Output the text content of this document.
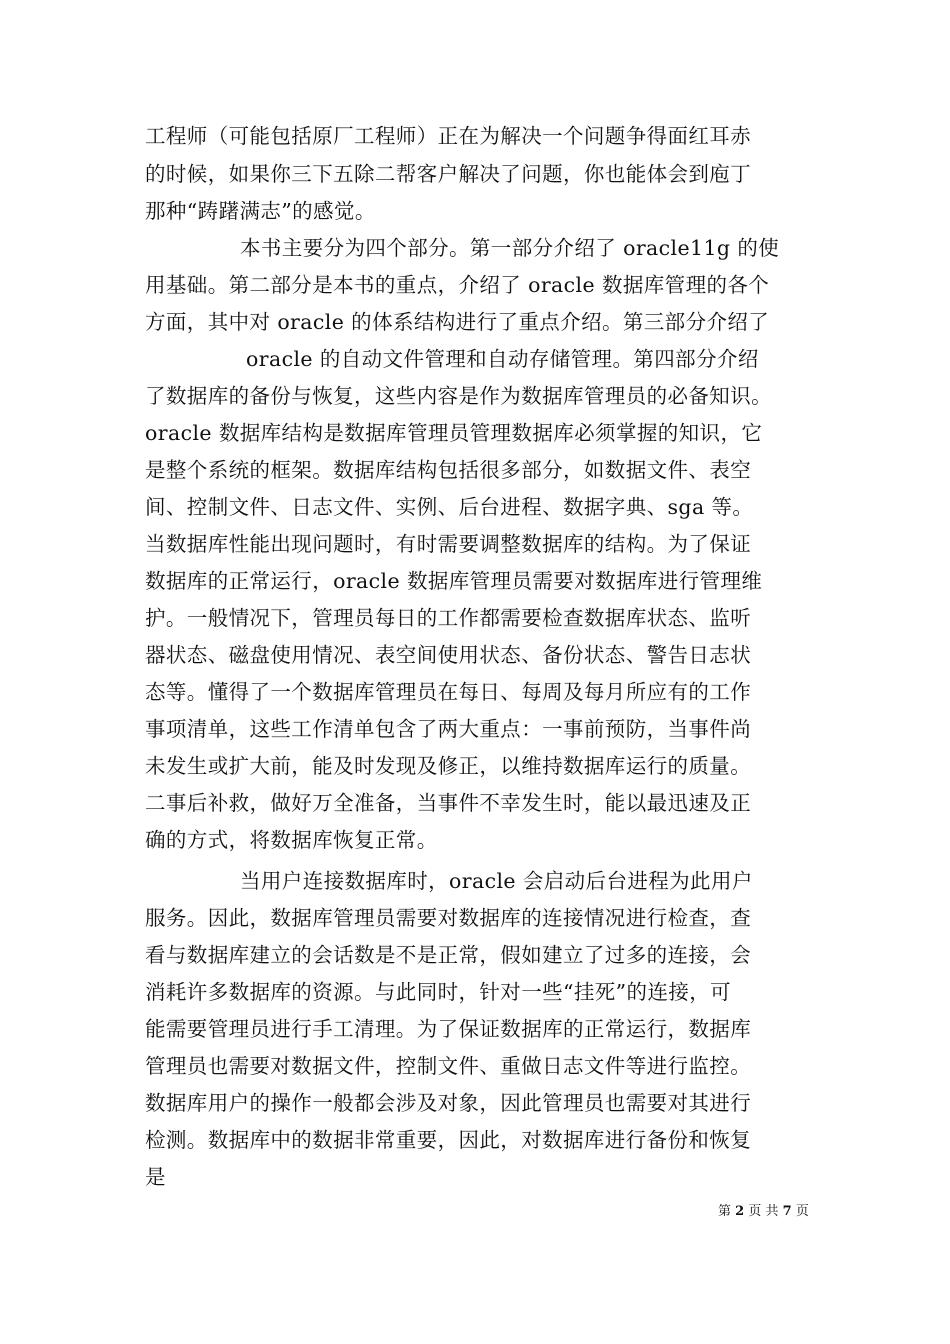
工程师（可能包括原厂工程师）正在为解决一个问题争得面红耳赤
的时候，如果你三下五除二帮客户解决了问题，你也能体会到庖丁
那种“踌躇满志”的感觉。
本书主要分为四个部分。第一部分介绍了 oracle11g 的使
用基础。第二部分是本书的重点，介绍了 oracle 数据库管理的各个
方面，其中对 oracle 的体系结构进行了重点介绍。第三部分介绍了
oracle 的自动文件管理和自动存储管理。第四部分介绍
了数据库的备份与恢复，这些内容是作为数据库管理员的必备知识。
oracle 数据库结构是数据库管理员管理数据库必须掌握的知识，它
是整个系统的框架。数据库结构包括很多部分，如数据文件、表空
间、控制文件、日志文件、实例、后台进程、数据字典、sga 等。
当数据库性能出现问题时，有时需要调整数据库的结构。为了保证
数据库的正常运行，oracle 数据库管理员需要对数据库进行管理维
护。一般情况下，管理员每日的工作都需要检查数据库状态、监听
器状态、磁盘使用情况、表空间使用状态、备份状态、警告日志状
态等。懂得了一个数据库管理员在每日、每周及每月所应有的工作
事项清单，这些工作清单包含了两大重点：一事前预防，当事件尚
未发生或扩大前，能及时发现及修正，以维持数据库运行的质量。
二事后补救，做好万全准备，当事件不幸发生时，能以最迅速及正
确的方式，将数据库恢复正常。
当用户连接数据库时，oracle 会启动后台进程为此用户
服务。因此，数据库管理员需要对数据库的连接情况进行检查，查
看与数据库建立的会话数是不是正常，假如建立了过多的连接，会
消耗许多数据库的资源。与此同时，针对一些“挂死”的连接，可
能需要管理员进行手工清理。为了保证数据库的正常运行，数据库
管理员也需要对数据文件，控制文件、重做日志文件等进行监控。
数据库用户的操作一般都会涉及对象，因此管理员也需要对其进行
检测。数据库中的数据非常重要，因此，对数据库进行备份和恢复
是
第 2 页 共 7 页
